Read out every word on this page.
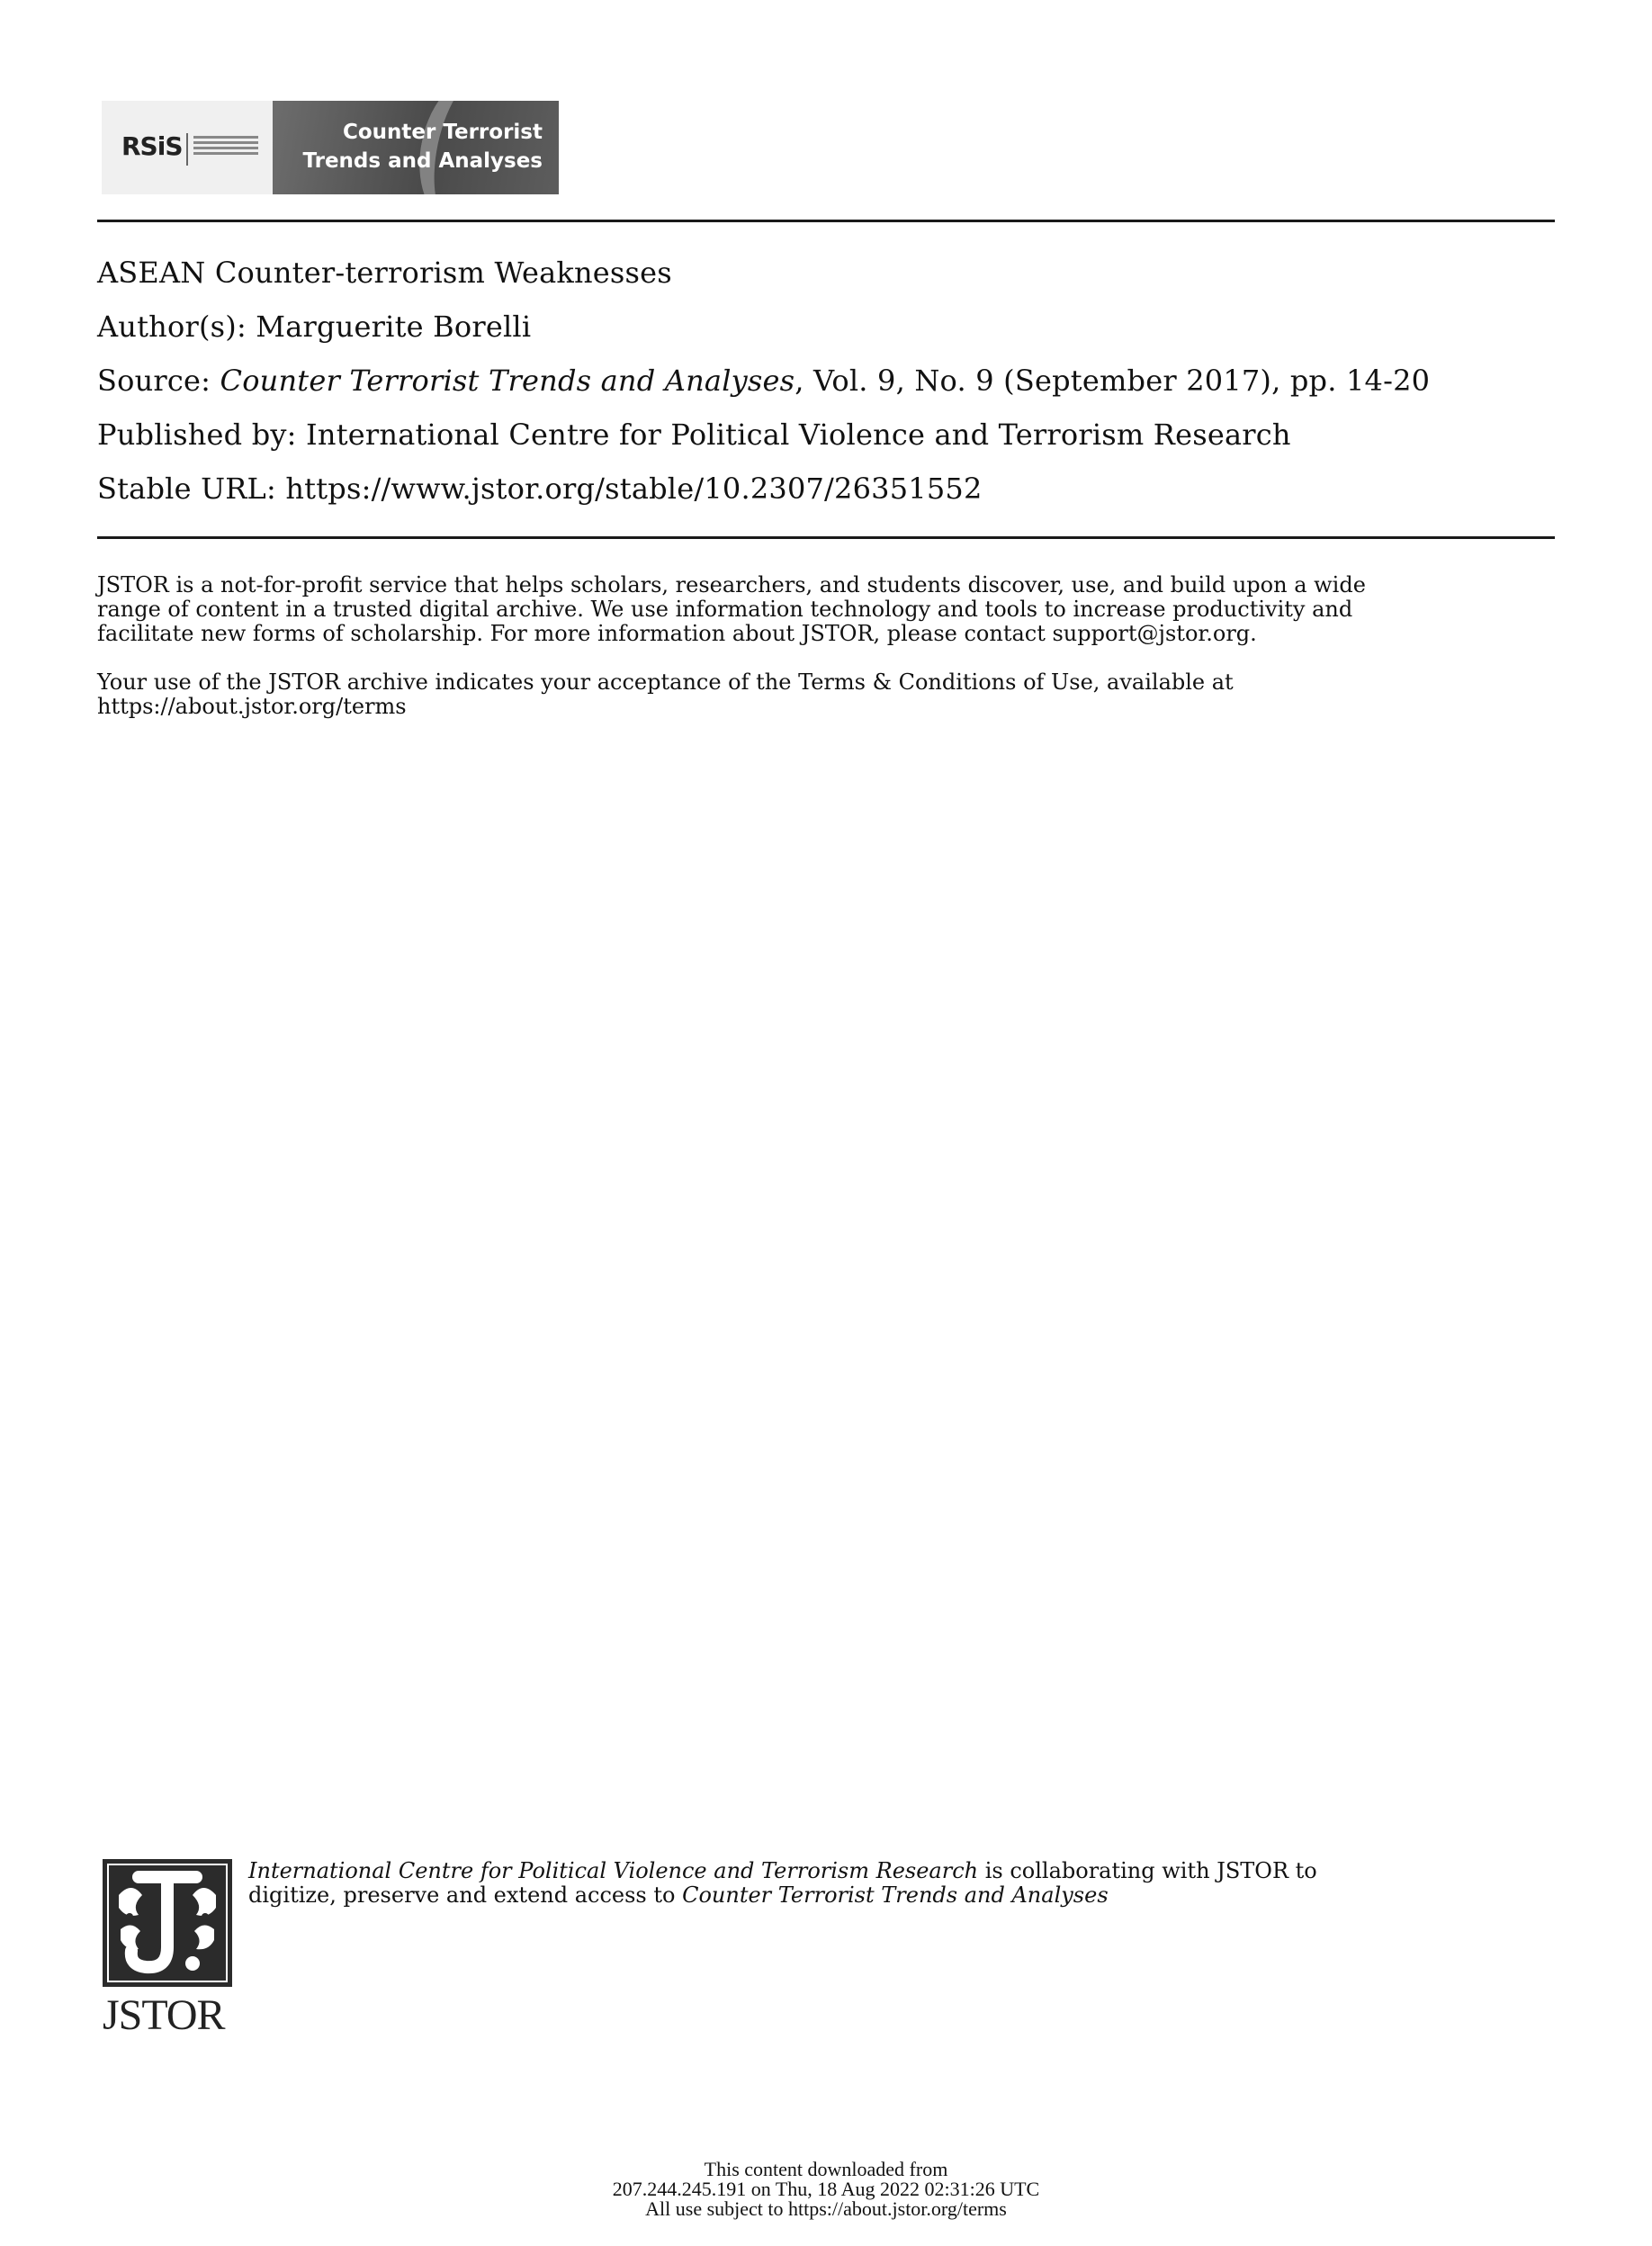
RSiS	Counter Terrorist
Trends and Analyses
ASEAN Counter-terrorism Weaknesses
Author(s): Marguerite Borelli
Source: Counter Terrorist Trends and Analyses, Vol. 9, No. 9 (September 2017), pp. 14-20
Published by: International Centre for Political Violence and Terrorism Research
Stable URL: https://www.jstor.org/stable/10.2307/26351552
JSTOR is a not-for-profit service that helps scholars, researchers, and students discover, use, and build upon a wide
range of content in a trusted digital archive. We use information technology and tools to increase productivity and
facilitate new forms of scholarship. For more information about JSTOR, please contact support@jstor.org.
Your use of the JSTOR archive indicates your acceptance of the Terms & Conditions of Use, available at
https://about.jstor.org/terms
JSTOR
International Centre for Political Violence and Terrorism Research is collaborating with JSTOR to
digitize, preserve and extend access to Counter Terrorist Trends and Analyses
This content downloaded from
207.244.245.191 on Thu, 18 Aug 2022 02:31:26 UTC
All use subject to https://about.jstor.org/terms
